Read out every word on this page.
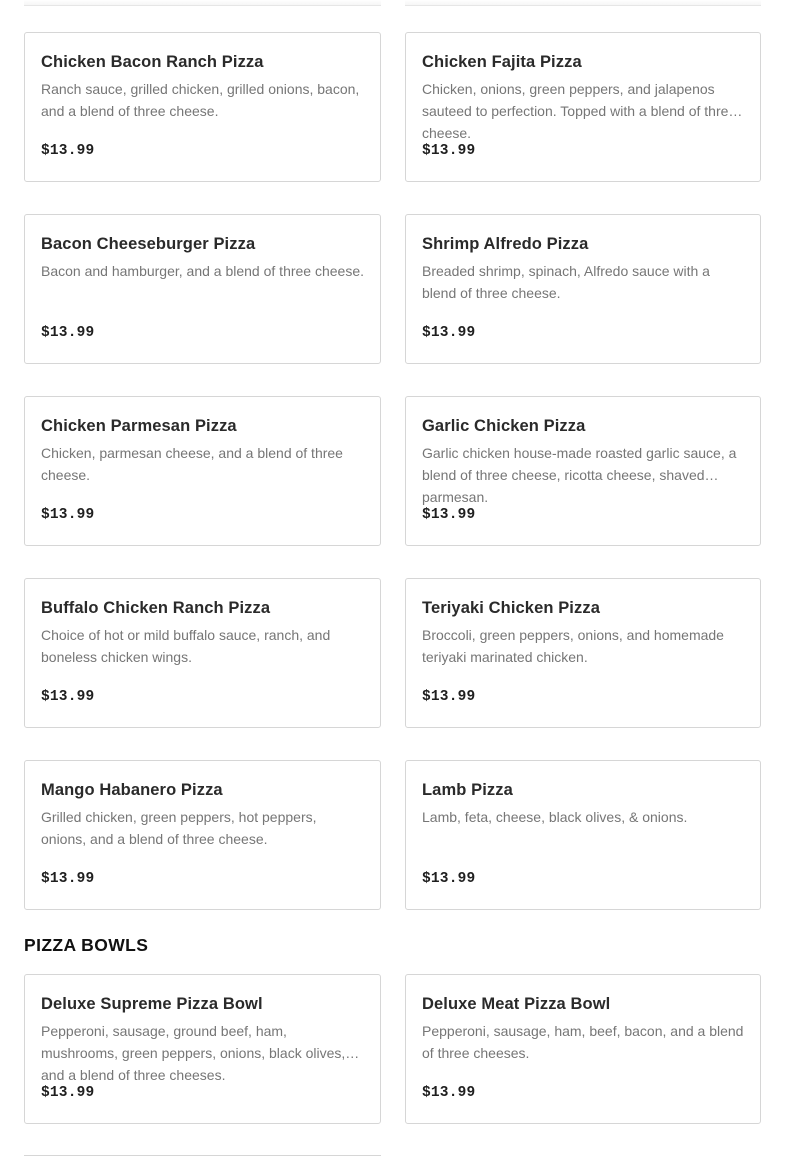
Chicken Bacon Ranch Pizza
Ranch sauce, grilled chicken, grilled onions, bacon, and a blend of three cheese.
$13.99
Chicken Fajita Pizza
Chicken, onions, green peppers, and jalapenos sauteed to perfection. Topped with a blend of three cheese.
$13.99
Bacon Cheeseburger Pizza
Bacon and hamburger, and a blend of three cheese.
$13.99
Shrimp Alfredo Pizza
Breaded shrimp, spinach, Alfredo sauce with a blend of three cheese.
$13.99
Chicken Parmesan Pizza
Chicken, parmesan cheese, and a blend of three cheese.
$13.99
Garlic Chicken Pizza
Garlic chicken house-made roasted garlic sauce, a blend of three cheese, ricotta cheese, shaved parmesan.
$13.99
Buffalo Chicken Ranch Pizza
Choice of hot or mild buffalo sauce, ranch, and boneless chicken wings.
$13.99
Teriyaki Chicken Pizza
Broccoli, green peppers, onions, and homemade teriyaki marinated chicken.
$13.99
Mango Habanero Pizza
Grilled chicken, green peppers, hot peppers, onions, and a blend of three cheese.
$13.99
Lamb Pizza
Lamb, feta, cheese, black olives, & onions.
$13.99
PIZZA BOWLS
Deluxe Supreme Pizza Bowl
Pepperoni, sausage, ground beef, ham, mushrooms, green peppers, onions, black olives, and a blend of three cheeses.
$13.99
Deluxe Meat Pizza Bowl
Pepperoni, sausage, ham, beef, bacon, and a blend of three cheeses.
$13.99
